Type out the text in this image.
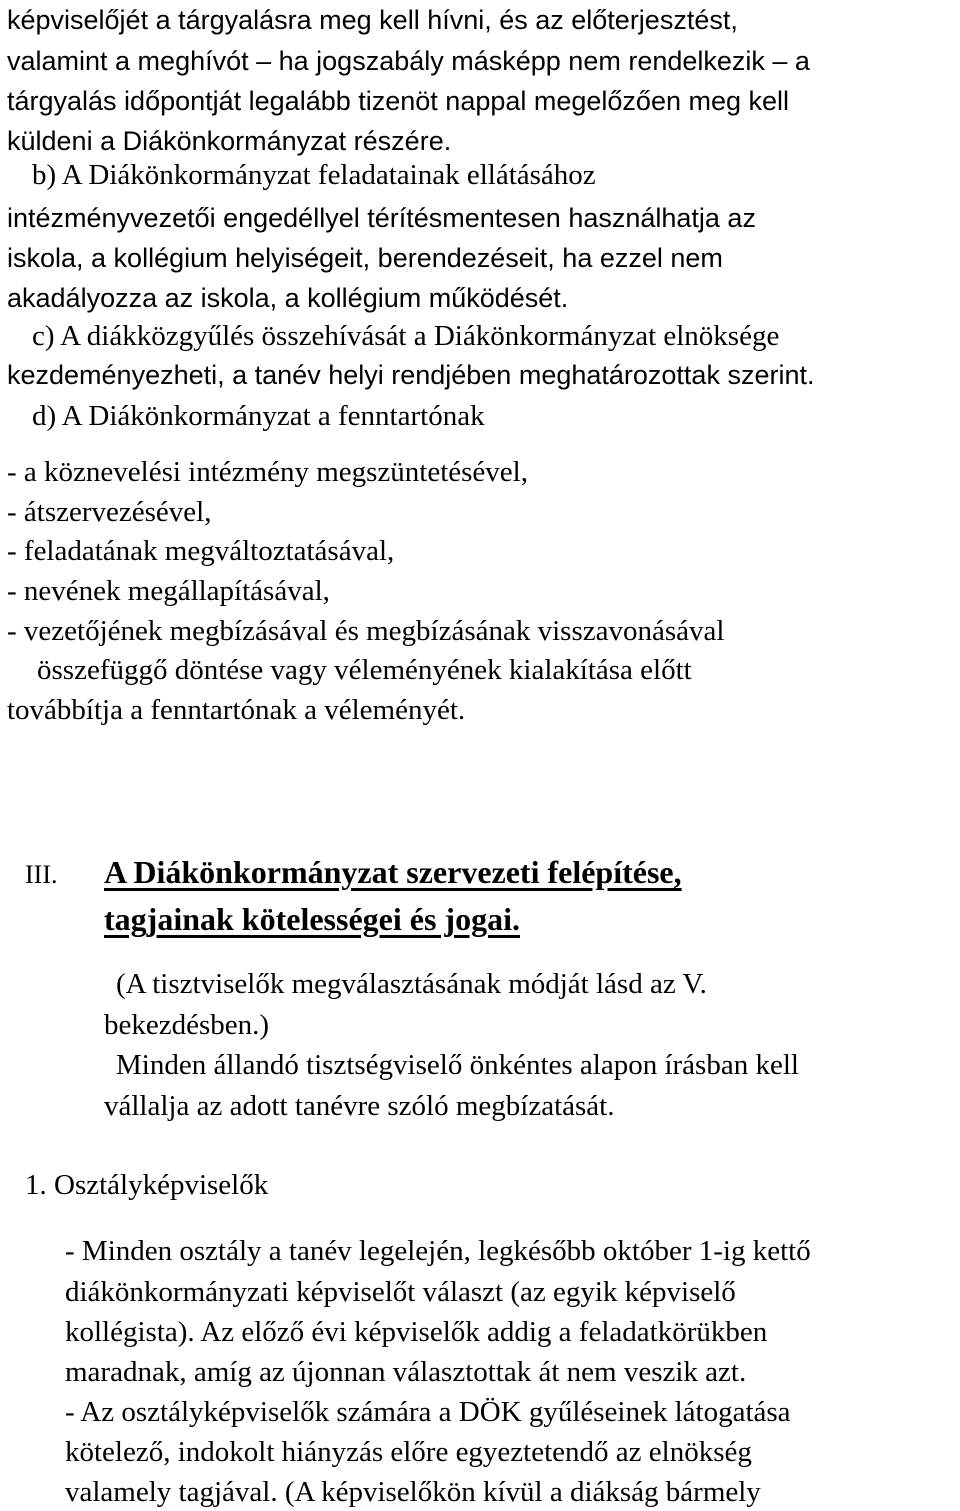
képviselőjét a tárgyalásra meg kell hívni, és az előterjesztést,
valamint a meghívót – ha jogszabály másképp nem rendelkezik – a
tárgyalás időpontját legalább tizenöt nappal megelőzően meg kell
küldeni a Diákönkormányzat részére.
b) A Diákönkormányzat feladatainak ellátásához
intézményvezetői engedéllyel térítésmentesen használhatja az
iskola, a kollégium helyiségeit, berendezéseit, ha ezzel nem
akadályozza az iskola, a kollégium működését.
c) A diákközgyűlés összehívását a Diákönkormányzat elnöksége
kezdeményezheti, a tanév helyi rendjében meghatározottak szerint.
d) A Diákönkormányzat a fenntartónak
- a köznevelési intézmény megszüntetésével,
- átszervezésével,
- feladatának megváltoztatásával,
- nevének megállapításával,
- vezetőjének megbízásával és megbízásának visszavonásával
összefüggő döntése vagy véleményének kialakítása előtt
továbbítja a fenntartónak a véleményét.
III. A Diákönkormányzat szervezeti felépítése,
tagjainak kötelességei és jogai.
(A tisztviselők megválasztásának módját lásd az V.
bekezdésben.)
Minden állandó tisztségviselő önkéntes alapon írásban kell
vállalja az adott tanévre szóló megbízatását.
1. Osztályképviselők
- Minden osztály a tanév legelején, legkésőbb október 1-ig kettő
diákönkormányzati képviselőt választ (az egyik képviselő
kollégista). Az előző évi képviselők addig a feladatkörükben
maradnak, amíg az újonnan választottak át nem veszik azt.
- Az osztályképviselők számára a DÖK gyűléseinek látogatása
kötelező, indokolt hiányzás előre egyeztetendő az elnökség
valamely tagjával. (A képviselőkön kívül a diákság bármely
